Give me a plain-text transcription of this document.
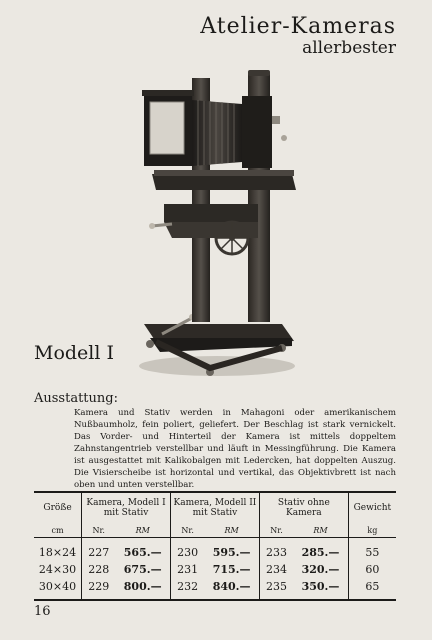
Atelier-Kameras
allerbester
Modell I
Ausstattung:
Kamera und Stativ werden in Mahagoni oder amerikanischem Nußbaumholz, fein poliert, geliefert. Der Beschlag ist stark vernickelt. Das Vorder- und Hinterteil der Kamera ist mittels doppeltem Zahnstangentrieb verstellbar und läuft in Messingführung. Die Kamera ist ausgestattet mit Kalikobalgen mit Ledercken, hat doppelten Auszug. Die Visierscheibe ist horizontal und vertikal, das Objektivbrett ist nach oben und unten verstellbar.
Größe	Kamera, Modell I mit Stativ		Kamera, Modell II mit Stativ		Stativ ohne Kamera		Gewicht
cm	Nr.	RM	Nr.	RM	Nr.	RM	kg
18×24	227	565.—	230	595.—	233	285.—	55
24×30	228	675.—	231	715.—	234	320.—	60
30×40	229	800.—	232	840.—	235	350.—	65
16
